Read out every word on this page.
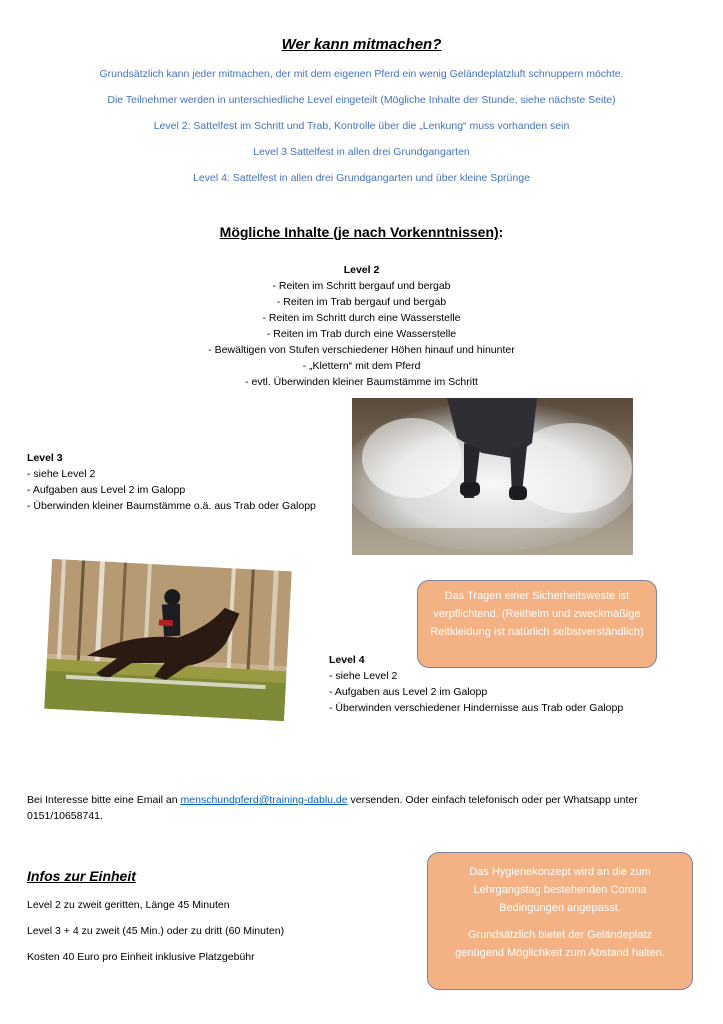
Wer kann mitmachen?
Grundsätzlich kann jeder mitmachen, der mit dem eigenen Pferd ein wenig Geländeplatzluft schnuppern möchte.
Die Teilnehmer werden in unterschiedliche Level eingeteilt (Mögliche Inhalte der Stunde, siehe nächste Seite)
Level 2: Sattelfest im Schritt und Trab, Kontrolle über die „Lenkung“ muss vorhanden sein
Level 3 Sattelfest in allen drei Grundgangarten
Level 4: Sattelfest in allen drei Grundgangarten und über kleine Sprünge
Mögliche Inhalte (je nach Vorkenntnissen):
Level 2
- Reiten im Schritt bergauf und bergab
- Reiten im Trab bergauf und bergab
- Reiten im Schritt durch eine Wasserstelle
- Reiten im Trab durch eine Wasserstelle
- Bewältigen von Stufen verschiedener Höhen hinauf und hinunter
- „Klettern“ mit dem Pferd
- evtl. Überwinden kleiner Baumstämme im Schritt
Level 3
- siehe Level 2
- Aufgaben aus Level 2 im Galopp
- Überwinden kleiner Baumstämme o.ä. aus Trab oder Galopp
Das Tragen einer Sicherheitsweste ist verpflichtend. (Reithelm und zweckmäßige Reitkleidung ist natürlich selbstverständlich)
Level 4
- siehe Level 2
- Aufgaben aus Level 2 im Galopp
- Überwinden verschiedener Hindernisse aus Trab oder Galopp
Bei Interesse bitte eine Email an menschundpferd@training-dablu.de versenden. Oder einfach telefonisch oder per Whatsapp unter 0151/10658741.
Infos zur Einheit
Level 2 zu zweit geritten, Länge 45 Minuten
Level 3 + 4 zu zweit (45 Min.) oder zu dritt (60 Minuten)
Kosten 40 Euro pro Einheit inklusive Platzgebühr
Das Hygienekonzept wird an die zum Lehrgangstag bestehenden Corona Bedingungen angepasst.
Grundsätzlich bietet der Geländeplatz genügend Möglichkeit zum Abstand halten.
